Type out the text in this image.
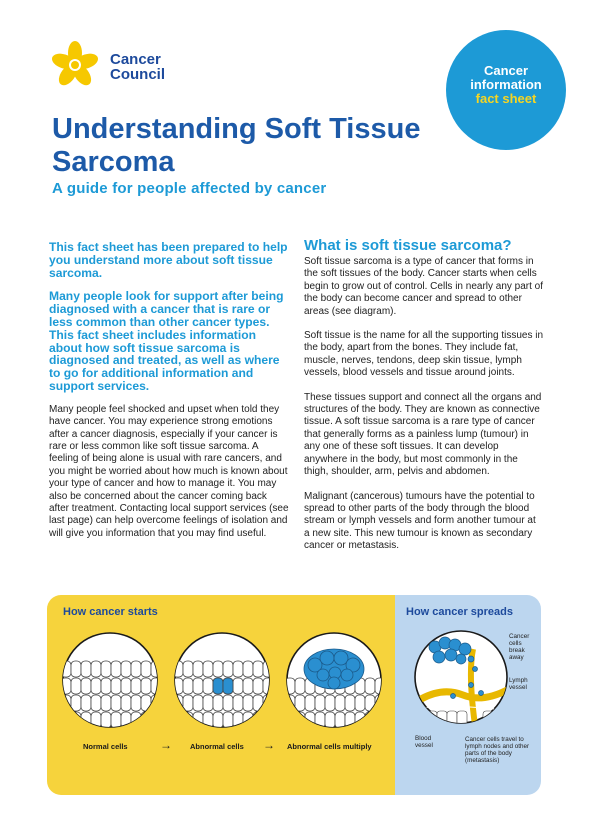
Cancer
Council	Cancer
information
fact sheet
Understanding Soft Tissue Sarcoma
A guide for people affected by cancer

This fact sheet has been prepared to help you understand more about soft tissue sarcoma.

Many people look for support after being diagnosed with a cancer that is rare or less common than other cancer types. This fact sheet includes information about how soft tissue sarcoma is diagnosed and treated, as well as where to go for additional information and support services.

Many people feel shocked and upset when told they have cancer. You may experience strong emotions after a cancer diagnosis, especially if your cancer is rare or less common like soft tissue sarcoma. A feeling of being alone is usual with rare cancers, and you might be worried about how much is known about your type of cancer and how to manage it. You may also be concerned about the cancer coming back after treatment. Contacting local support services (see last page) can help overcome feelings of isolation and will give you information that you may find useful.

What is soft tissue sarcoma?

Soft tissue sarcoma is a type of cancer that forms in the soft tissues of the body. Cancer starts when cells begin to grow out of control. Cells in nearly any part of the body can become cancer and spread to other areas (see diagram).

Soft tissue is the name for all the supporting tissues in the body, apart from the bones. They include fat, muscle, nerves, tendons, deep skin tissue, lymph vessels, blood vessels and tissue around joints.

These tissues support and connect all the organs and structures of the body. They are known as connective tissue. A soft tissue sarcoma is a rare type of cancer that generally forms as a painless lump (tumour) in any one of these soft tissues. It can develop anywhere in the body, but most commonly in the thigh, shoulder, arm, pelvis and abdomen.

Malignant (cancerous) tumours have the potential to spread to other parts of the body through the blood stream or lymph vessels and form another tumour at a new site. This new tumour is known as secondary cancer or metastasis.

How cancer starts	How cancer spreads
Normal cells	→ Abnormal cells → Abnormal cells multiply
Cancer cells break away
Lymph vessel
Blood vessel
Cancer cells travel to lymph nodes and other parts of the body (metastasis)
